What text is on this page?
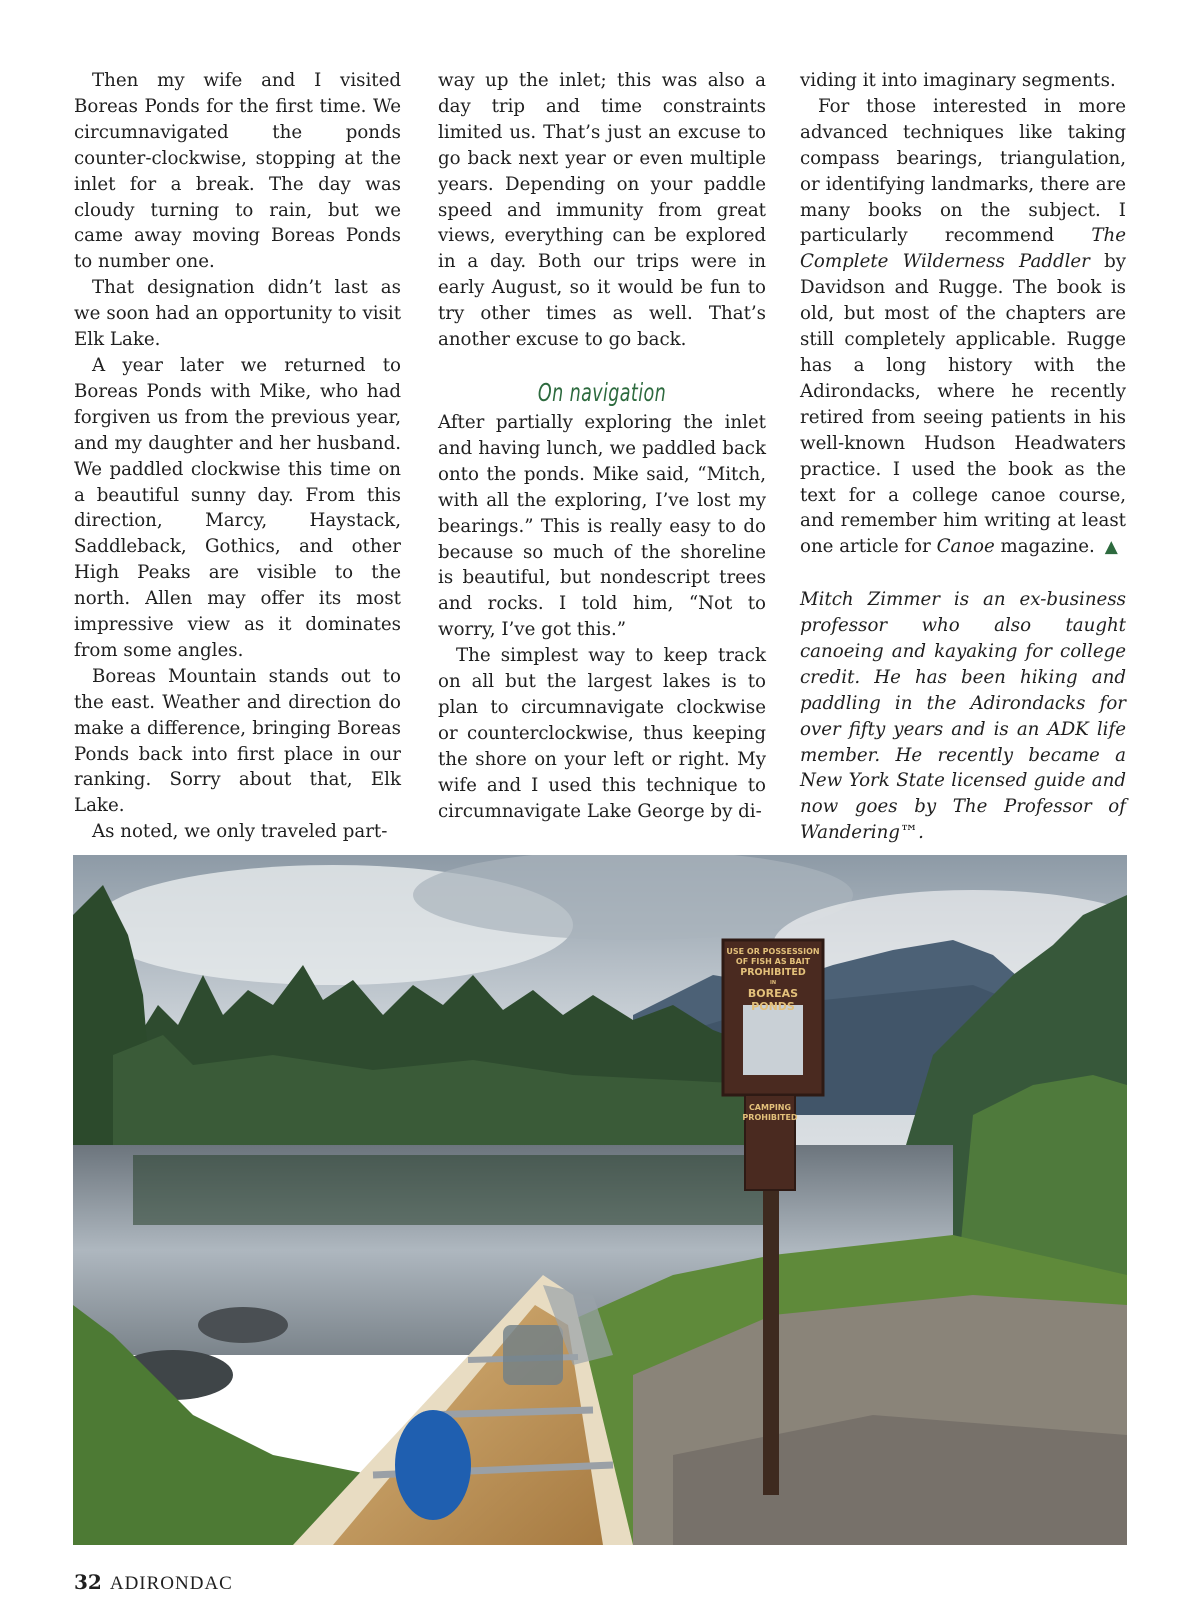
Then my wife and I visited Boreas Ponds for the first time. We circumnavigated the ponds counter-clockwise, stopping at the inlet for a break. The day was cloudy turning to rain, but we came away moving Boreas Ponds to number one.

That designation didn’t last as we soon had an opportunity to visit Elk Lake.

A year later we returned to Boreas Ponds with Mike, who had forgiven us from the previous year, and my daughter and her husband. We paddled clockwise this time on a beautiful sunny day. From this direction, Marcy, Haystack, Saddleback, Gothics, and other High Peaks are visible to the north. Allen may offer its most impressive view as it dominates from some angles.

Boreas Mountain stands out to the east. Weather and direction do make a difference, bringing Boreas Ponds back into first place in our ranking. Sorry about that, Elk Lake.

As noted, we only traveled part-

way up the inlet; this was also a day trip and time constraints limited us. That’s just an excuse to go back next year or even multiple years. Depending on your paddle speed and immunity from great views, everything can be explored in a day. Both our trips were in early August, so it would be fun to try other times as well. That’s another excuse to go back.

On navigation

After partially exploring the inlet and having lunch, we paddled back onto the ponds. Mike said, “Mitch, with all the exploring, I’ve lost my bearings.” This is really easy to do because so much of the shoreline is beautiful, but nondescript trees and rocks. I told him, “Not to worry, I’ve got this.”

The simplest way to keep track on all but the largest lakes is to plan to circumnavigate clockwise or counterclockwise, thus keeping the shore on your left or right. My wife and I used this technique to circumnavigate Lake George by di-

viding it into imaginary segments.

For those interested in more advanced techniques like taking compass bearings, triangulation, or identifying landmarks, there are many books on the subject. I particularly recommend The Complete Wilderness Paddler by Davidson and Rugge. The book is old, but most of the chapters are still completely applicable. Rugge has a long history with the Adirondacks, where he recently retired from seeing patients in his well-known Hudson Headwaters practice. I used the book as the text for a college canoe course, and remember him writing at least one article for Canoe magazine. ▲

Mitch Zimmer is an ex-business professor who also taught canoeing and kayaking for college credit. He has been hiking and paddling in the Adirondacks for over fifty years and is an ADK life member. He recently became a New York State licensed guide and now goes by The Professor of Wandering™.

USE OR POSSESSION
OF FISH AS BAIT
PROHIBITED
IN
BOREAS
PONDS
CAMPING
PROHIBITED
32 ADIRONDAC
